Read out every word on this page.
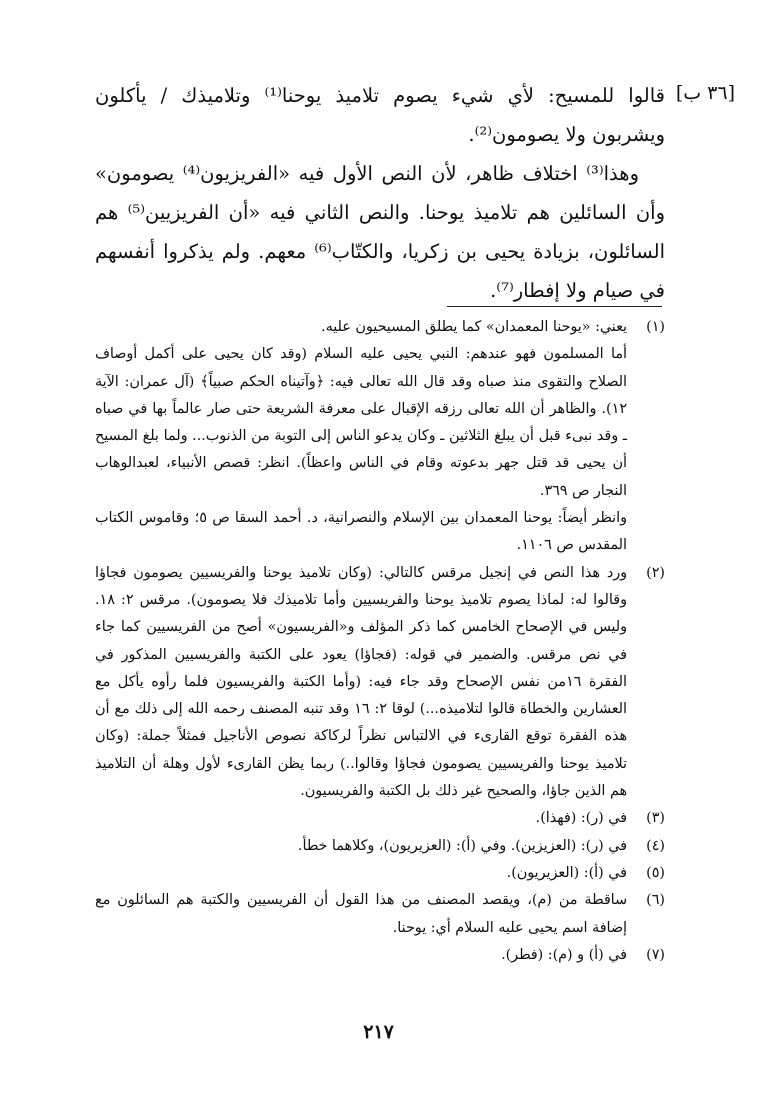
[٣٦ ب]

قالوا للمسيح: لأي شيء يصوم تلاميذ يوحنا⁽¹⁾ وتلاميذك / يأكلون ويشربون ولا يصومون⁽²⁾.

وهذا⁽³⁾ اختلاف ظاهر، لأن النص الأول فيه «الفريزيون⁽⁴⁾ يصومون» وأن السائلين هم تلاميذ يوحنا. والنص الثاني فيه «أن الفريزيين⁽⁵⁾ هم السائلون، بزيادة يحيى بن زكريا، والكتّاب⁽⁶⁾ معهم. ولم يذكروا أنفسهم في صيام ولا إفطار⁽⁷⁾.

(١)

يعني: «يوحنا المعمدان» كما يطلق المسيحيون عليه.

أما المسلمون فهو عندهم: النبي يحيى عليه السلام (وقد كان يحيى على أكمل أوصاف الصلاح والتقوى منذ صباه وقد قال الله تعالى فيه: ﴿وآتيناه الحكم صبياً﴾ (آل عمران: الآية ١٢). والظاهر أن الله تعالى رزقه الإقبال على معرفة الشريعة حتى صار عالماً بها في صباه ـ وقد نبىء قبل أن يبلغ الثلاثين ـ وكان يدعو الناس إلى التوبة من الذنوب... ولما بلغ المسيح أن يحيى قد قتل جهر بدعوته وقام في الناس واعظاً). انظر: قصص الأنبياء، لعبدالوهاب النجار ص ٣٦٩.

وانظر أيضاً: يوحنا المعمدان بين الإسلام والنصرانية، د. أحمد السقا ص ٥؛ وقاموس الكتاب المقدس ص ١١٠٦.

(٢)

ورد هذا النص في إنجيل مرقس كالتالي: (وكان تلاميذ يوحنا والفريسيين يصومون فجاؤا وقالوا له: لماذا يصوم تلاميذ يوحنا والفريسيين وأما تلاميذك فلا يصومون). مرقس ٢: ١٨. وليس في الإصحاح الخامس كما ذكر المؤلف و«الفريسيون» أصح من الفريسيين كما جاء في نص مرقس. والضمير في قوله: (فجاؤا) يعود على الكتبة والفريسيين المذكور في الفقرة ١٦من نفس الإصحاح وقد جاء فيه: (وأما الكتبة والفريسيون فلما رأوه يأكل مع العشارين والخطاة قالوا لتلاميذه...) لوقا ٢: ١٦ وقد تنبه المصنف رحمه الله إلى ذلك مع أن هذه الفقرة توقع القارىء في الالتباس نظراً لركاكة نصوص الأناجيل فمثلاً جملة: (وكان تلاميذ يوحنا والفريسيين يصومون فجاؤا وقالوا..) ربما يظن القارىء لأول وهلة أن التلاميذ هم الذين جاؤا، والصحيح غير ذلك بل الكتبة والفريسيون.

(٣)

في (ر): (فهذا).

(٤)

في (ر): (العزيزين). وفي (أ): (العزيريون)، وكلاهما خطأ.

(٥)

في (أ): (العزيريون).

(٦)

ساقطة من (م)، ويقصد المصنف من هذا القول أن الفريسيين والكتبة هم السائلون مع إضافة اسم يحيى عليه السلام أي: يوحنا.

(٧)

في (أ) و (م): (فطر).

٢١٧
